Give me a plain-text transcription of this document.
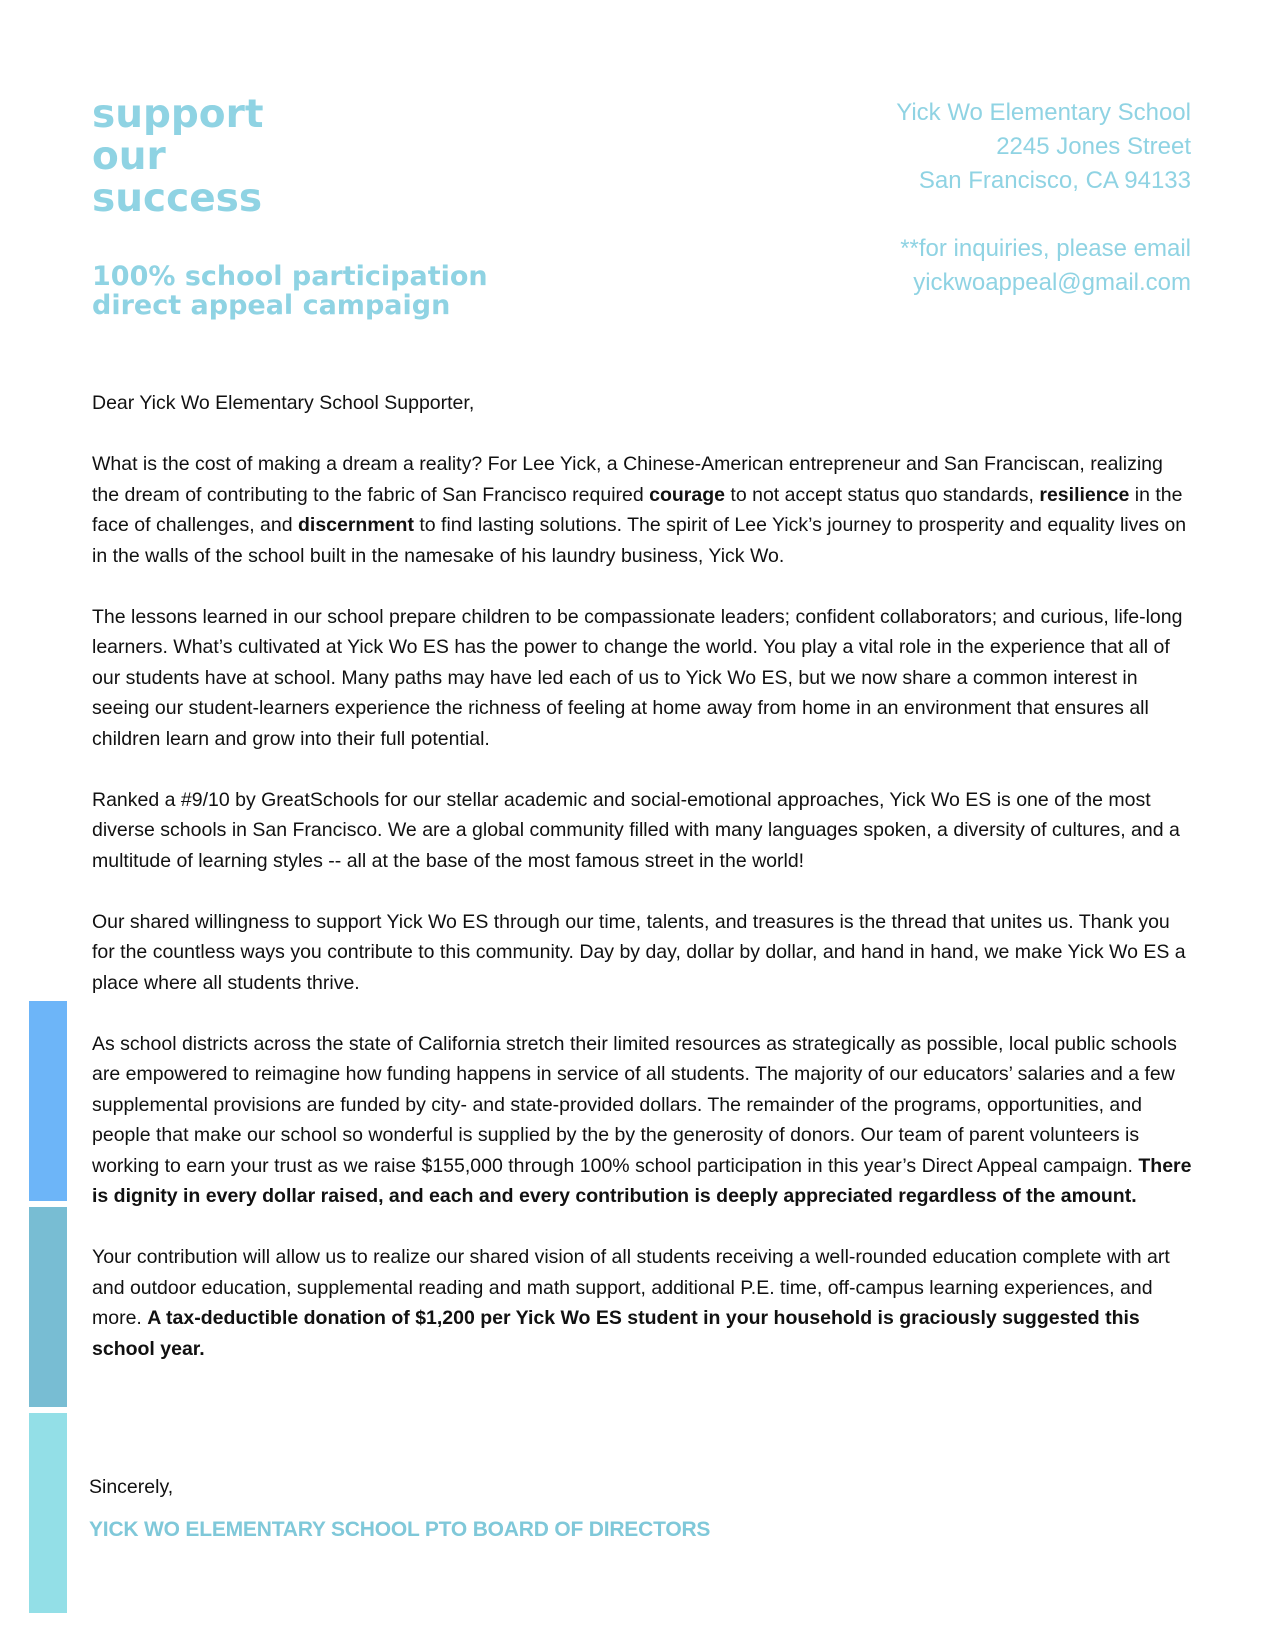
support
our
success
100% school participation
direct appeal campaign
Yick Wo Elementary School
2245 Jones Street
San Francisco, CA 94133
**for inquiries, please email
yickwoappeal@gmail.com

Dear Yick Wo Elementary School Supporter,

What is the cost of making a dream a reality? For Lee Yick, a Chinese-American entrepreneur and San Franciscan, realizing the dream of contributing to the fabric of San Francisco required courage to not accept status quo standards, resilience in the face of challenges, and discernment to find lasting solutions. The spirit of Lee Yick’s journey to prosperity and equality lives on in the walls of the school built in the namesake of his laundry business, Yick Wo.

The lessons learned in our school prepare children to be compassionate leaders; confident collaborators; and curious, life-long learners. What’s cultivated at Yick Wo ES has the power to change the world. You play a vital role in the experience that all of our students have at school. Many paths may have led each of us to Yick Wo ES, but we now share a common interest in seeing our student-learners experience the richness of feeling at home away from home in an environment that ensures all children learn and grow into their full potential.

Ranked a #9/10 by GreatSchools for our stellar academic and social-emotional approaches, Yick Wo ES is one of the most diverse schools in San Francisco. We are a global community filled with many languages spoken, a diversity of cultures, and a multitude of learning styles -- all at the base of the most famous street in the world!

Our shared willingness to support Yick Wo ES through our time, talents, and treasures is the thread that unites us. Thank you for the countless ways you contribute to this community. Day by day, dollar by dollar, and hand in hand, we make Yick Wo ES a place where all students thrive.

As school districts across the state of California stretch their limited resources as strategically as possible, local public schools are empowered to reimagine how funding happens in service of all students. The majority of our educators’ salaries and a few supplemental provisions are funded by city- and state-provided dollars. The remainder of the programs, opportunities, and people that make our school so wonderful is supplied by the by the generosity of donors. Our team of parent volunteers is working to earn your trust as we raise $155,000 through 100% school participation in this year’s Direct Appeal campaign. There is dignity in every dollar raised, and each and every contribution is deeply appreciated regardless of the amount.

Your contribution will allow us to realize our shared vision of all students receiving a well-rounded education complete with art and outdoor education, supplemental reading and math support, additional P.E. time, off-campus learning experiences, and more. A tax-deductible donation of $1,200 per Yick Wo ES student in your household is graciously suggested this school year.

Sincerely,
YICK WO ELEMENTARY SCHOOL PTO BOARD OF DIRECTORS
